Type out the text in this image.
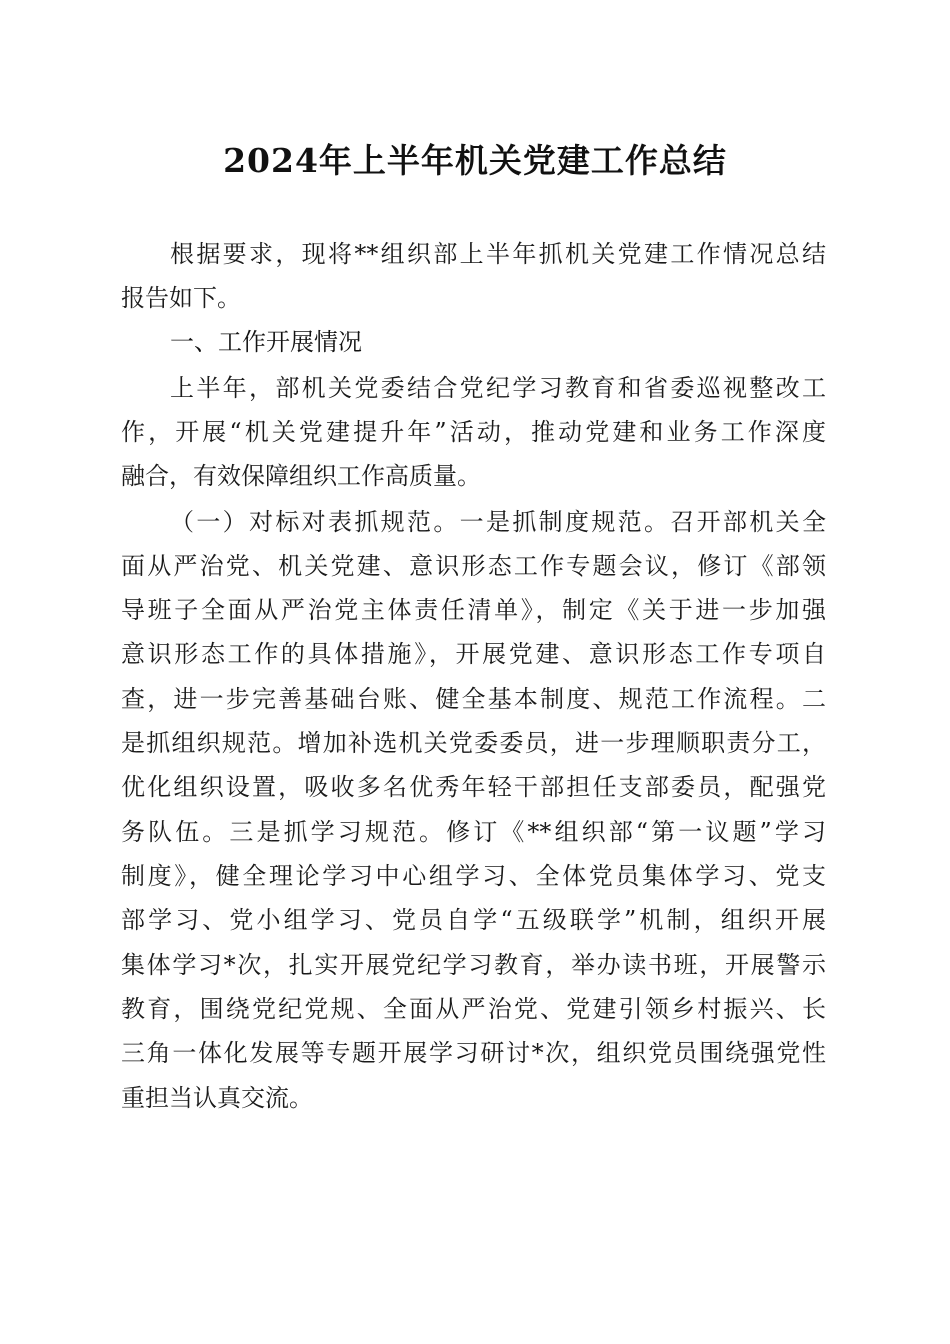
2024年上半年机关党建工作总结
根据要求，现将**组织部上半年抓机关党建工作情况总结
报告如下。
一、工作开展情况
上半年，部机关党委结合党纪学习教育和省委巡视整改工
作，开展“机关党建提升年”活动，推动党建和业务工作深度
融合，有效保障组织工作高质量。
（一）对标对表抓规范。一是抓制度规范。召开部机关全
面从严治党、机关党建、意识形态工作专题会议，修订《部领
导班子全面从严治党主体责任清单》，制定《关于进一步加强
意识形态工作的具体措施》，开展党建、意识形态工作专项自
查，进一步完善基础台账、健全基本制度、规范工作流程。二
是抓组织规范。增加补选机关党委委员，进一步理顺职责分工，
优化组织设置，吸收多名优秀年轻干部担任支部委员，配强党
务队伍。三是抓学习规范。修订《**组织部“第一议题”学习
制度》，健全理论学习中心组学习、全体党员集体学习、党支
部学习、党小组学习、党员自学“五级联学”机制，组织开展
集体学习*次，扎实开展党纪学习教育，举办读书班，开展警示
教育，围绕党纪党规、全面从严治党、党建引领乡村振兴、长
三角一体化发展等专题开展学习研讨*次，组织党员围绕强党性
重担当认真交流。
